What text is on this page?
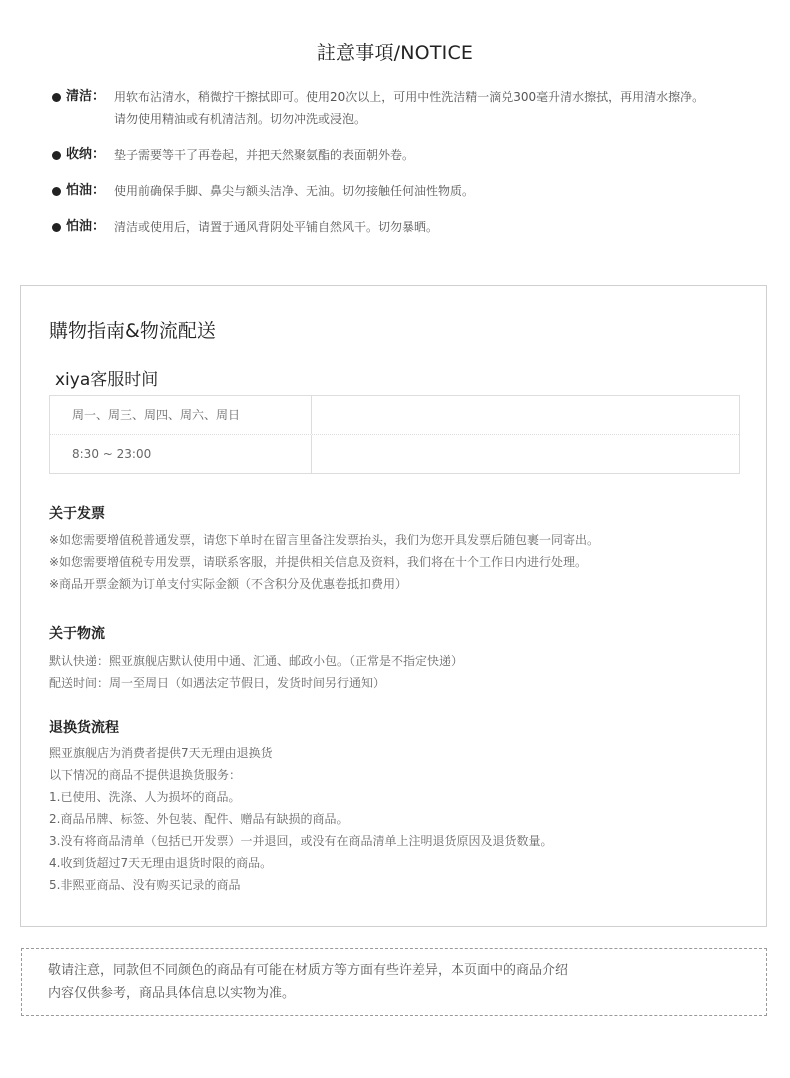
註意事項/NOTICE
清洁： 用软布沾清水，稍微拧干擦拭即可。使用20次以上，可用中性洗洁精一滴兑300毫升清水擦拭，再用清水擦净。
请勿使用精油或有机清洁剂。切勿冲洗或浸泡。
收纳： 垫子需要等干了再卷起，并把天然聚氨酯的表面朝外卷。
怕油： 使用前确保手脚、鼻尖与额头洁净、无油。切勿接触任何油性物质。
怕油： 清洁或使用后，请置于通风背阴处平铺自然风干。切勿暴晒。
購物指南&物流配送
xiya客服时间
周一、周三、周四、周六、周日
8:30 ~ 23:00
关于发票
※如您需要增值税普通发票，请您下单时在留言里备注发票抬头，我们为您开具发票后随包裹一同寄出。
※如您需要增值税专用发票，请联系客服，并提供相关信息及资料，我们将在十个工作日内进行处理。
※商品开票金额为订单支付实际金额（不含积分及优惠卷抵扣费用）
关于物流
默认快递：熙亚旗舰店默认使用中通、汇通、邮政小包。（正常是不指定快递）
配送时间：周一至周日（如遇法定节假日，发货时间另行通知）
退换货流程
熙亚旗舰店为消费者提供7天无理由退换货
以下情况的商品不提供退换货服务：
1.已使用、洗涤、人为损坏的商品。
2.商品吊牌、标签、外包装、配件、赠品有缺损的商品。
3.没有将商品清单（包括已开发票）一并退回，或没有在商品清单上注明退货原因及退货数量。
4.收到货超过7天无理由退货时限的商品。
5.非熙亚商品、没有购买记录的商品
敬请注意，同款但不同颜色的商品有可能在材质方等方面有些许差异，本页面中的商品介绍
内容仅供参考，商品具体信息以实物为准。
